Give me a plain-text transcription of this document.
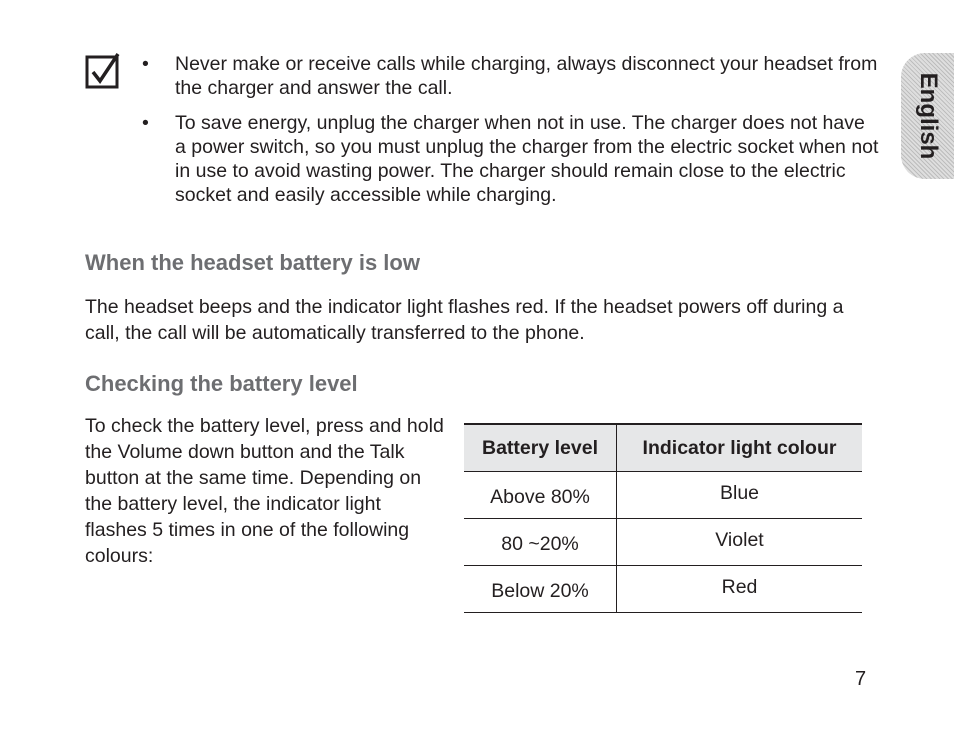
• Never make or receive calls while charging, always disconnect your headset from the charger and answer the call.
• To save energy, unplug the charger when not in use. The charger does not have a power switch, so you must unplug the charger from the electric socket when not in use to avoid wasting power. The charger should remain close to the electric socket and easily accessible while charging.
When the headset battery is low

The headset beeps and the indicator light flashes red. If the headset powers off during a call, the call will be automatically transferred to the phone.

Checking the battery level

To check the battery level, press and hold the Volume down button and the Talk button at the same time. Depending on the battery level, the indicator light flashes 5 times in one of the following colours:

Battery level	Indicator light colour
Above 80%	Blue
80 ~20%	Violet
Below 20%	Red
English
7
